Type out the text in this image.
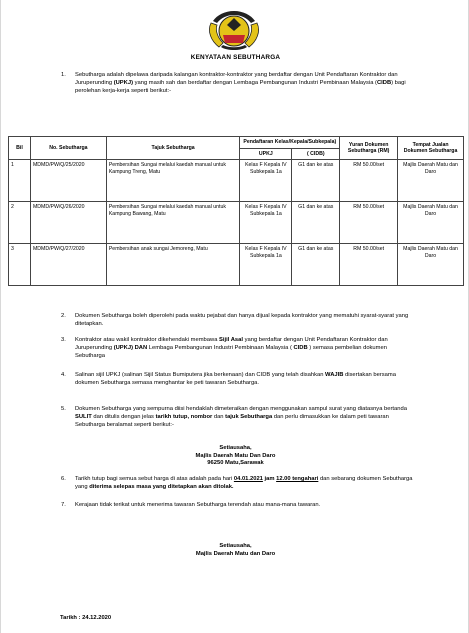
KENYATAAN SEBUTHARGA
1. Sebutharga adalah dipelawa daripada kalangan kontraktor-kontraktor yang berdaftar dengan Unit Pendaftaran Kontraktor dan Juruperunding (UPKJ) yang masih sah dan berdaftar dengan Lembaga Pembangunan Industri Pembinaan Malaysia (CIDB) bagi perolehan kerja-kerja seperti berikut:-
Bil	No. Sebutharga	Tajuk Sebutharga	Pendaftaran Kelas/Kepala/Subkepala)		Yuran Dokumen Sebutharga (RM)	Tempat Jualan Dokumen Sebutharga
			UPKJ	( CIDB)		
1	MDMD/PW/Q/25/2020	Pembersihan Sungai melalui kaedah manual untuk Kampung Treng, Matu	Kelas F Kepala IV Subkepala 1a	G1 dan ke atas	RM 50.00/set	Majlis Daerah Matu dan Daro
2	MDMD/PW/Q/26/2020	Pembersihan Sungai melalui kaedah manual untuk Kampung Bawang, Matu	Kelas F Kepala IV Subkepala 1a	G1 dan ke atas	RM 50.00/set	Majlis Daerah Matu dan Daro
3	MDMD/PW/Q/27/2020	Pembersihan anak sungai Jemoreng, Matu	Kelas F Kepala IV Subkepala 1a	G1 dan ke atas	RM 50.00/set	Majlis Daerah Matu dan Daro
2. Dokumen Sebutharga boleh diperolehi pada waktu pejabat dan hanya dijual kepada kontraktor yang mematuhi syarat-syarat yang ditetapkan.
3. Kontraktor atau wakil kontraktor dikehendaki membawa Sijil Asal yang berdaftar dengan Unit Pendaftaran Kontraktor dan Juruperunding (UPKJ) DAN Lembaga Pembangunan Industri Pembinaan Malaysia ( CIDB ) semasa pembelian dokumen Sebutharga
4. Salinan sijil UPKJ (salinan Sijil Status Bumiputera jika berkenaan) dan CIDB yang telah disahkan WAJIB disertakan bersama dokumen Sebutharga semasa menghantar ke peti tawaran Sebutharga.
5. Dokumen Sebutharga yang sempurna diisi hendaklah dimeteraikan dengan menggunakan sampul surat yang diatasnya bertanda SULIT dan ditulis dengan jelas tarikh tutup, nombor dan tajuk Sebutharga dan perlu dimasukkan ke dalam peti tawaran Sebutharga beralamat seperti berikut:-
Setiausaha,
Majlis Daerah Matu Dan Daro
96250 Matu,Sarawak
6. Tarikh tutup bagi semua sebut harga di atas adalah pada hari 04.01.2021 jam 12.00 tengahari dan sebarang dokumen Sebutharga yang diterima selepas masa yang ditetapkan akan ditolak.
7. Kerajaan tidak terikat untuk menerima tawaran Sebutharga terendah atau mana-mana tawaran.
Setiausaha,
Majlis Daerah Matu dan Daro
Tarikh : 24.12.2020
